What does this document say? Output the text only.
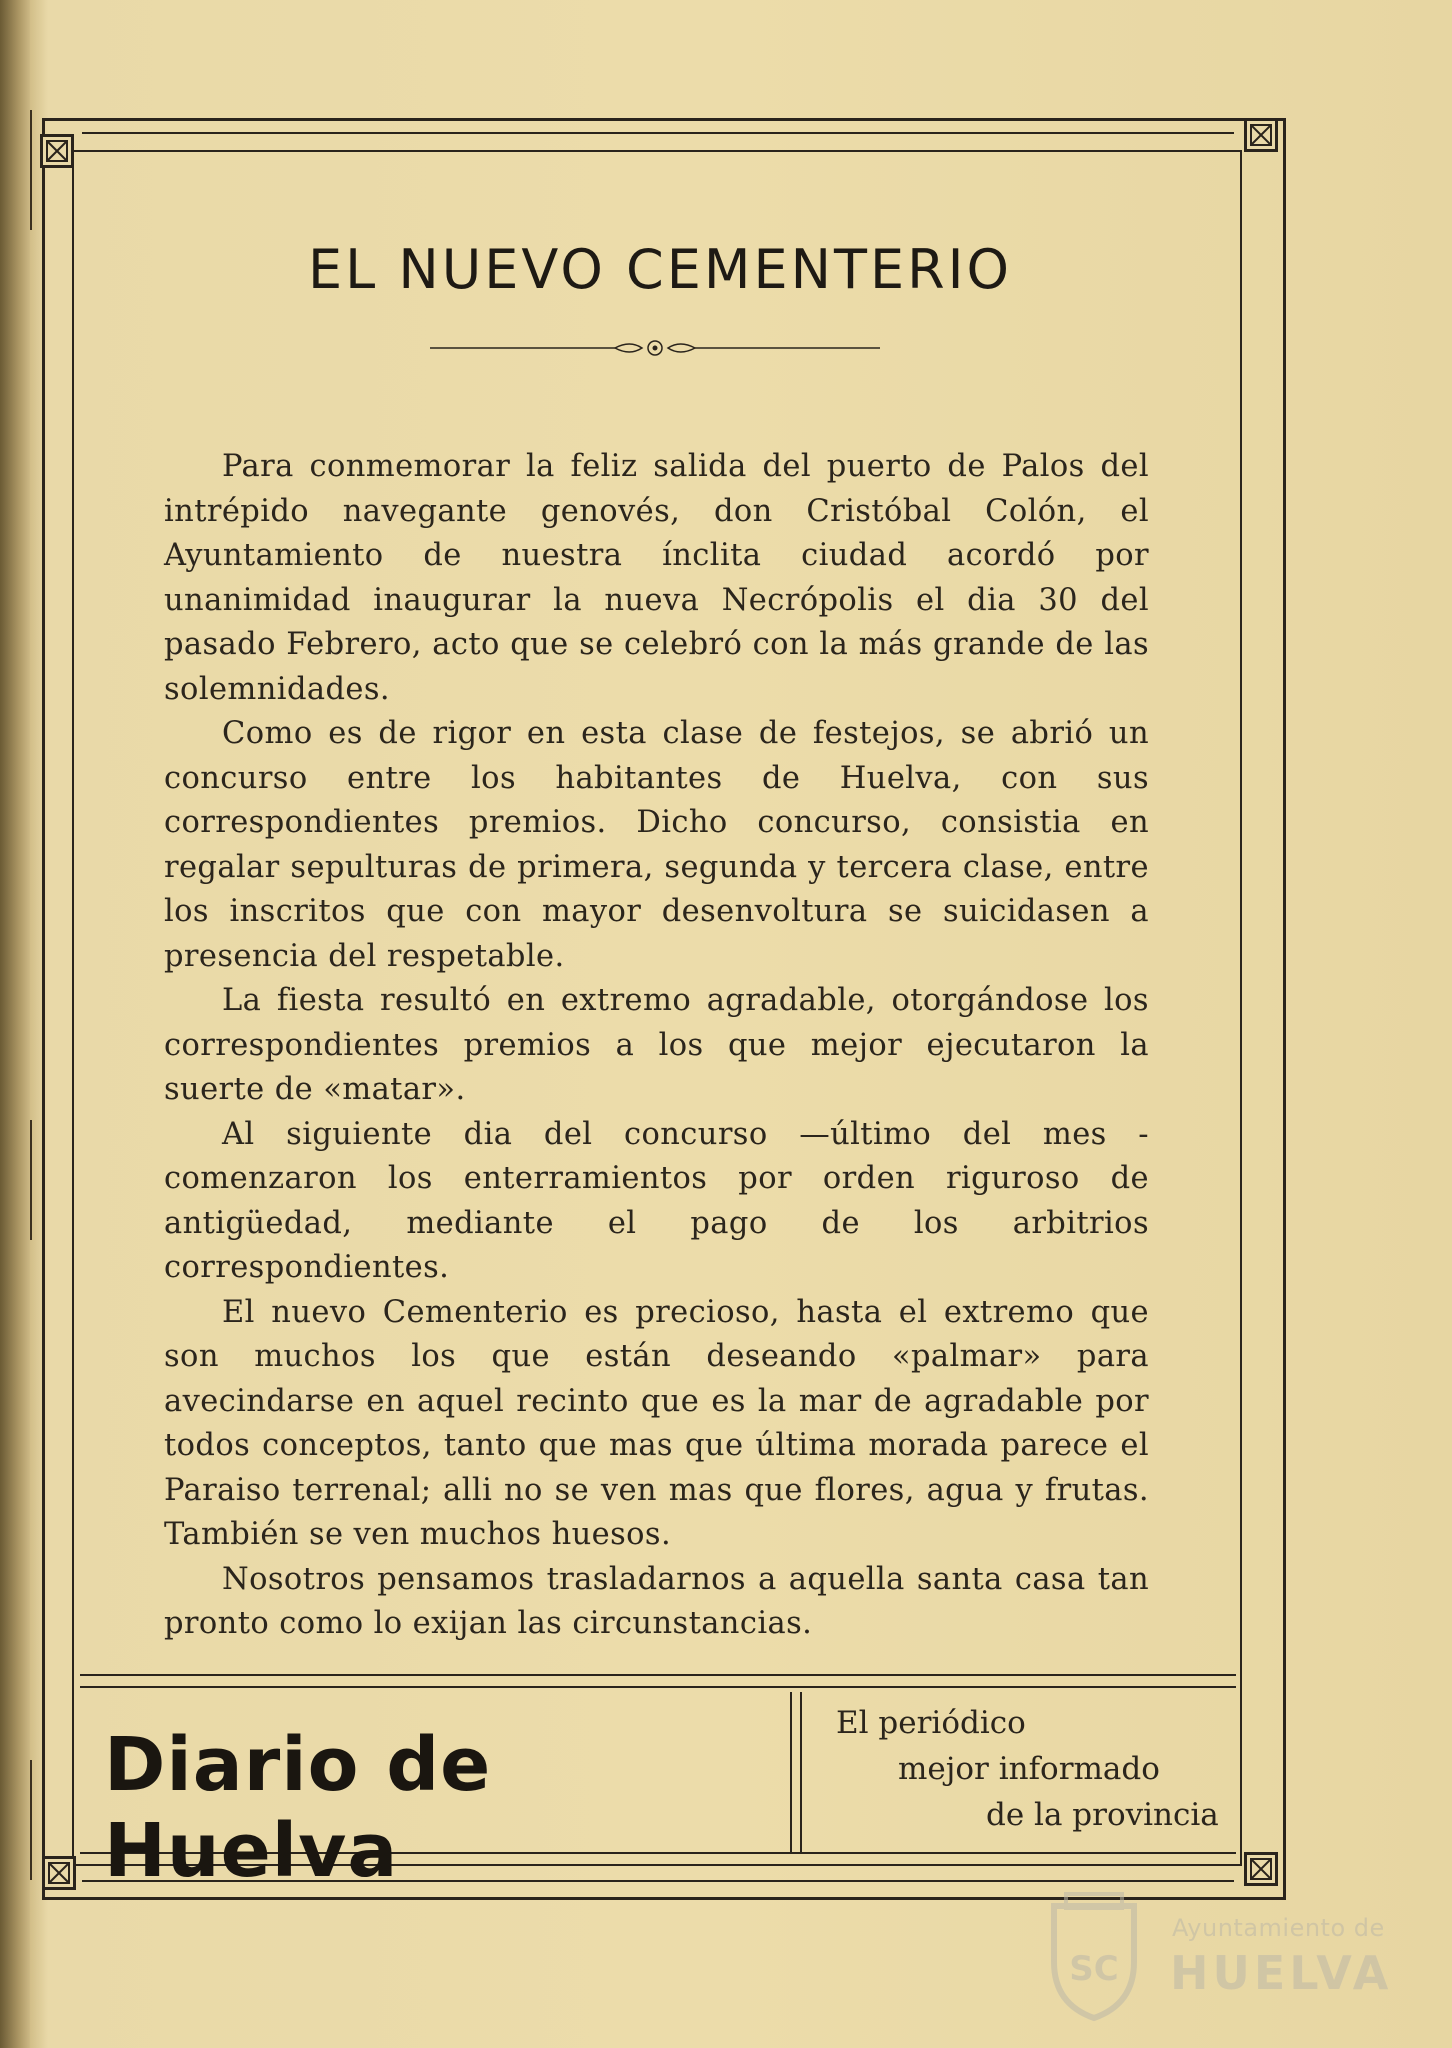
EL NUEVO CEMENTERIO

Para conmemorar la feliz salida del puerto de Palos del intrépido navegante genovés, don Cristóbal Colón, el Ayuntamiento de nuestra ínclita ciudad acordó por unanimidad inaugurar la nueva Necrópolis el dia 30 del pasado Febrero, acto que se celebró con la más grande de las solemnidades.

Como es de rigor en esta clase de festejos, se abrió un concurso entre los habitantes de Huelva, con sus correspondientes premios. Dicho concurso, consistia en regalar sepulturas de primera, segunda y tercera clase, entre los inscritos que con mayor desenvoltura se suicidasen a presencia del respetable.

La fiesta resultó en extremo agradable, otorgándose los correspondientes premios a los que mejor ejecutaron la suerte de «matar».

Al siguiente dia del concurso —último del mes - comenzaron los enterramientos por orden riguroso de antigüedad, mediante el pago de los arbitrios correspondientes.

El nuevo Cementerio es precioso, hasta el extremo que son muchos los que están deseando «palmar» para avecindarse en aquel recinto que es la mar de agradable por todos conceptos, tanto que mas que última morada parece el Paraiso terrenal; alli no se ven mas que flores, agua y frutas. También se ven muchos huesos.

Nosotros pensamos trasladarnos a aquella santa casa tan pronto como lo exijan las circunstancias.

Diario de Huelva
El periódico
mejor informado
de la provincia
SC
Ayuntamiento de
HUELVA
